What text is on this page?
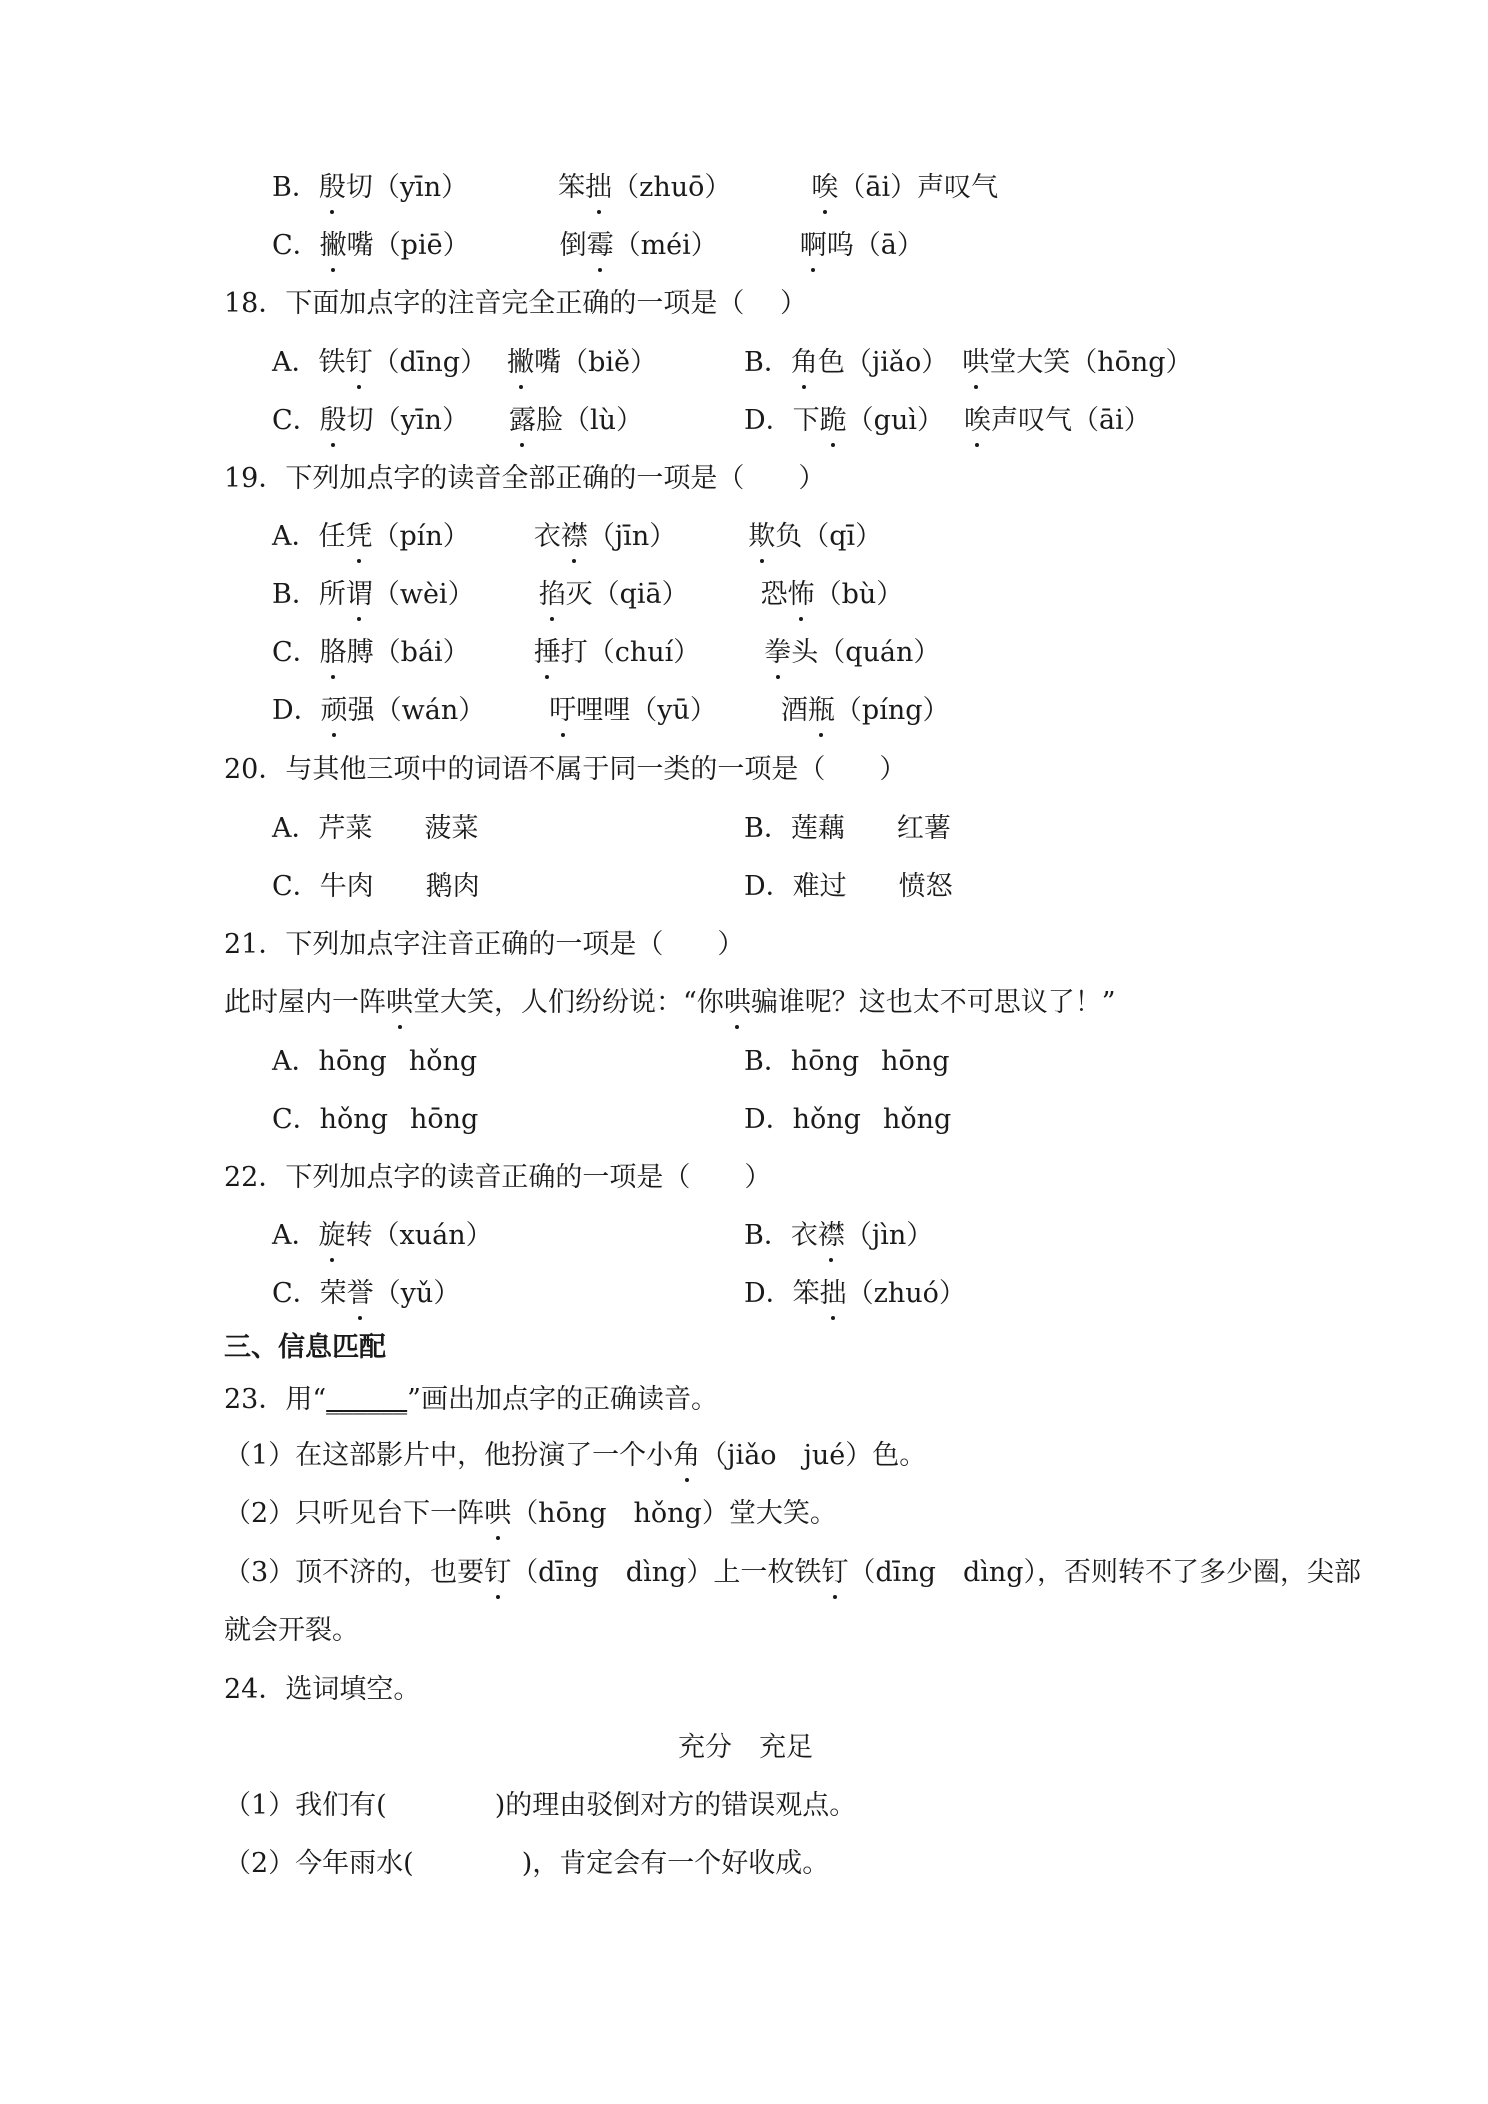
B．殷切（yīn）	笨拙（zhuō）	唉（āi）声叹气
C．撇嘴（piē）	倒霉（méi）	啊呜（ā）
18．下面加点字的注音完全正确的一项是（　 ）
A．铁钉（dīng） 撇嘴（biě）	B．角色（jiǎo） 哄堂大笑（hōng）
C．殷切（yīn） 露脸（lù）	D．下跪（guì） 唉声叹气（āi）
19．下列加点字的读音全部正确的一项是（　　）
A．任凭（pín） 衣襟（jīn）	欺负（qī）
B．所谓（wèi） 掐灭（qiā）	恐怖（bù）
C．胳膊（bái） 捶打（chuí） 拳头（quán）
D．顽强（wán） 吁哩哩（yū） 酒瓶（píng）
20．与其他三项中的词语不属于同一类的一项是（　　）
A．芹菜 菠菜	B．莲藕 红薯
C．牛肉 鹅肉	D．难过 愤怒
21．下列加点字注音正确的一项是（　　）
此时屋内一阵哄堂大笑，人们纷纷说：“你哄骗谁呢？这也太不可思议了！”
A．hōng hǒng	B．hōng hōng
C．hǒng hōng	D．hǒng hǒng
22．下列加点字的读音正确的一项是（　　）
A．旋转（xuán）	B．衣襟（jìn）
C．荣誉（yǔ）	D．笨拙（zhuó）
三、信息匹配
23．用“______”画出加点字的正确读音。
（1）在这部影片中，他扮演了一个小角（jiǎo　jué）色。
（2）只听见台下一阵哄（hōng　hǒng）堂大笑。
（3）顶不济的，也要钉（dīng　dìng）上一枚铁钉（dīng　dìng），否则转不了多少圈，尖部
就会开裂。
24．选词填空。
充分　充足
（1）我们有(　　　　)的理由驳倒对方的错误观点。
（2）今年雨水(　　　　)，肯定会有一个好收成。
